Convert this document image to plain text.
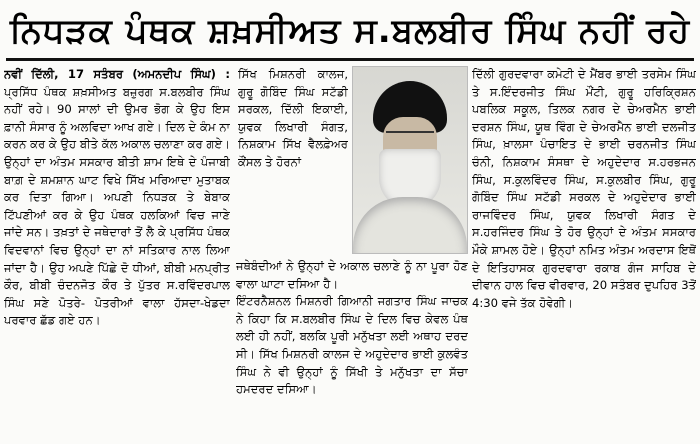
ਨਿਧੜਕ ਪੰਥਕ ਸ਼ਖ਼ਸੀਅਤ ਸ.ਬਲਬੀਰ ਸਿੰਘ ਨਹੀਂ ਰਹੇ

ਨਵੀਂ ਦਿੱਲੀ, 17 ਸਤੰਬਰ (ਅਮਨਦੀਪ ਸਿੰਘ) : ਪ੍ਰਸਿੱਧ ਪੰਥਕ ਸ਼ਖ਼ਸੀਅਤ ਬਜ਼ੁਰਗ ਸ.ਬਲਬੀਰ ਸਿੰਘ ਨਹੀਂ ਰਹੇ। 90 ਸਾਲਾਂ ਦੀ ਉਮਰ ਭੋਗ ਕੇ ਉਹ ਇਸ ਫ਼ਾਨੀ ਸੰਸਾਰ ਨੂੰ ਅਲਵਿਦਾ ਆਖ ਗਏ। ਦਿਲ ਦੇ ਕੰਮ ਨਾ ਕਰਨ ਕਰ ਕੇ ਉਹ ਬੀਤੇ ਕੱਲ ਅਕਾਲ ਚਲਾਣਾ ਕਰ ਗਏ। ਉਨ੍ਹਾਂ ਦਾ ਅੰਤਮ ਸਸਕਾਰ ਬੀਤੀ ਸ਼ਾਮ ਇਥੇ ਦੇ ਪੰਜਾਬੀ ਬਾਗ਼ ਦੇ ਸ਼ਮਸ਼ਾਨ ਘਾਟ ਵਿਖੇ ਸਿੱਖ ਮਰਿਆਦਾ ਮੁਤਾਬਕ ਕਰ ਦਿਤਾ ਗਿਆ। ਅਪਣੀ ਨਿਧੜਕ ਤੇ ਬੇਬਾਕ ਟਿੱਪਣੀਆਂ ਕਰ ਕੇ ਉਹ ਪੰਥਕ ਹਲਕਿਆਂ ਵਿਚ ਜਾਣੇ ਜਾਂਦੇ ਸਨ। ਤਖ਼ਤਾਂ ਦੇ ਜਥੇਦਾਰਾਂ ਤੋਂ ਲੈ ਕੇ ਪ੍ਰਸਿੱਧ ਪੰਥਕ ਵਿਦਵਾਨਾਂ ਵਿਚ ਉਨ੍ਹਾਂ ਦਾ ਨਾਂ ਸਤਿਕਾਰ ਨਾਲ ਲਿਆ ਜਾਂਦਾ ਹੈ। ਉਹ ਅਪਣੇ ਪਿੱਛੇ ਦੋ ਧੀਆਂ, ਬੀਬੀ ਮਨਪ੍ਰੀਤ ਕੌਰ, ਬੀਬੀ ਚੰਦਨਜੋਤ ਕੌਰ ਤੇ ਪੁੱਤਰ ਸ.ਰਵਿੰਦਰਪਾਲ ਸਿੰਘ ਸਣੇ ਪੋਤਰੇ- ਪੋਤਰੀਆਂ ਵਾਲਾ ਹੱਸਦਾ-ਖੇਡਦਾ ਪਰਵਾਰ ਛੱਡ ਗਏ ਹਨ।

ਸਿੱਖ ਮਿਸ਼ਨਰੀ ਕਾਲਜ, ਗੁਰੂ ਗੋਬਿੰਦ ਸਿੰਘ ਸਟੱਡੀ ਸਰਕਲ, ਦਿੱਲੀ ਇਕਾਈ, ਯੁਵਕ ਲਿਖਾਰੀ ਸੰਗਤ, ਨਿਸ਼ਕਾਮ ਸਿੱਖ ਵੈਲਫ਼ੇਅਰ ਕੌਂਸਲ ਤੇ ਹੋਰਨਾਂ

ਜਥੇਬੰਦੀਆਂ ਨੇ ਉਨ੍ਹਾਂ ਦੇ ਅਕਾਲ ਚਲਾਣੇ ਨੂੰ ਨਾ ਪੂਰਾ ਹੋਣ ਵਾਲਾ ਘਾਟਾ ਦਸਿਆ ਹੈ।

ਇੰਟਰਨੈਸ਼ਨਲ ਮਿਸ਼ਨਰੀ ਗਿਆਨੀ ਜਗਤਾਰ ਸਿੰਘ ਜਾਚਕ ਨੇ ਕਿਹਾ ਕਿ ਸ.ਬਲਬੀਰ ਸਿੰਘ ਦੇ ਦਿਲ ਵਿਚ ਕੇਵਲ ਪੰਥ ਲਈ ਹੀ ਨਹੀਂ, ਬਲਕਿ ਪੂਰੀ ਮਨੁੱਖਤਾ ਲਈ ਅਥਾਹ ਦਰਦ ਸੀ। ਸਿੱਖ ਮਿਸ਼ਨਰੀ ਕਾਲਜ ਦੇ ਅਹੁਦੇਦਾਰ ਭਾਈ ਕੁਲਵੰਤ ਸਿੰਘ ਨੇ ਵੀ ਉਨ੍ਹਾਂ ਨੂੰ ਸਿੱਖੀ ਤੇ ਮਨੁੱਖਤਾ ਦਾ ਸੱਚਾ ਹਮਦਰਦ ਦਸਿਆ।

ਦਿੱਲੀ ਗੁਰਦਵਾਰਾ ਕਮੇਟੀ ਦੇ ਮੈਂਬਰ ਭਾਈ ਤਰਸੇਮ ਸਿੰਘ ਤੇ ਸ.ਇੰਦਰਜੀਤ ਸਿੰਘ ਮੌਂਟੀ, ਗੁਰੂ ਹਰਿਕ੍ਰਿਸ਼ਨ ਪਬਲਿਕ ਸਕੂਲ, ਤਿਲਕ ਨਗਰ ਦੇ ਚੇਅਰਮੈਨ ਭਾਈ ਦਰਸ਼ਨ ਸਿੰਘ, ਯੂਥ ਵਿੰਗ ਦੇ ਚੇਅਰਮੈਨ ਭਾਈ ਦਲਜੀਤ ਸਿੰਘ, ਖ਼ਾਲਸਾ ਪੰਚਾਇਤ ਦੇ ਭਾਈ ਚਰਨਜੀਤ ਸਿੰਘ ਚੰਨੀ, ਨਿਸ਼ਕਾਮ ਸੰਸਥਾ ਦੇ ਅਹੁਦੇਦਾਰ ਸ.ਹਰਭਜਨ ਸਿੰਘ, ਸ.ਕੁਲਵਿੰਦਰ ਸਿੰਘ, ਸ.ਕੁਲਬੀਰ ਸਿੰਘ, ਗੁਰੂ ਗੋਬਿੰਦ ਸਿੰਘ ਸਟੱਡੀ ਸਰਕਲ ਦੇ ਅਹੁਦੇਦਾਰ ਭਾਈ ਰਾਜਵਿੰਦਰ ਸਿੰਘ, ਯੁਵਕ ਲਿਖਾਰੀ ਸੰਗਤ ਦੇ ਸ.ਹਰਜਿੰਦਰ ਸਿੰਘ ਤੇ ਹੋਰ ਉਨ੍ਹਾਂ ਦੇ ਅੰਤਮ ਸਸਕਾਰ ਮੌਕੇ ਸ਼ਾਮਲ ਹੋਏ। ਉਨ੍ਹਾਂ ਨਮਿਤ ਅੰਤਮ ਅਰਦਾਸ ਇਥੋਂ ਦੇ ਇਤਿਹਾਸਕ ਗੁਰਦਵਾਰਾ ਰਕਾਬ ਗੰਜ ਸਾਹਿਬ ਦੇ ਦੀਵਾਨ ਹਾਲ ਵਿਚ ਵੀਰਵਾਰ, 20 ਸਤੰਬਰ ਦੁਪਹਿਰ 3ਤੋਂ 4:30 ਵਜੇ ਤੱਕ ਹੋਵੇਗੀ।
